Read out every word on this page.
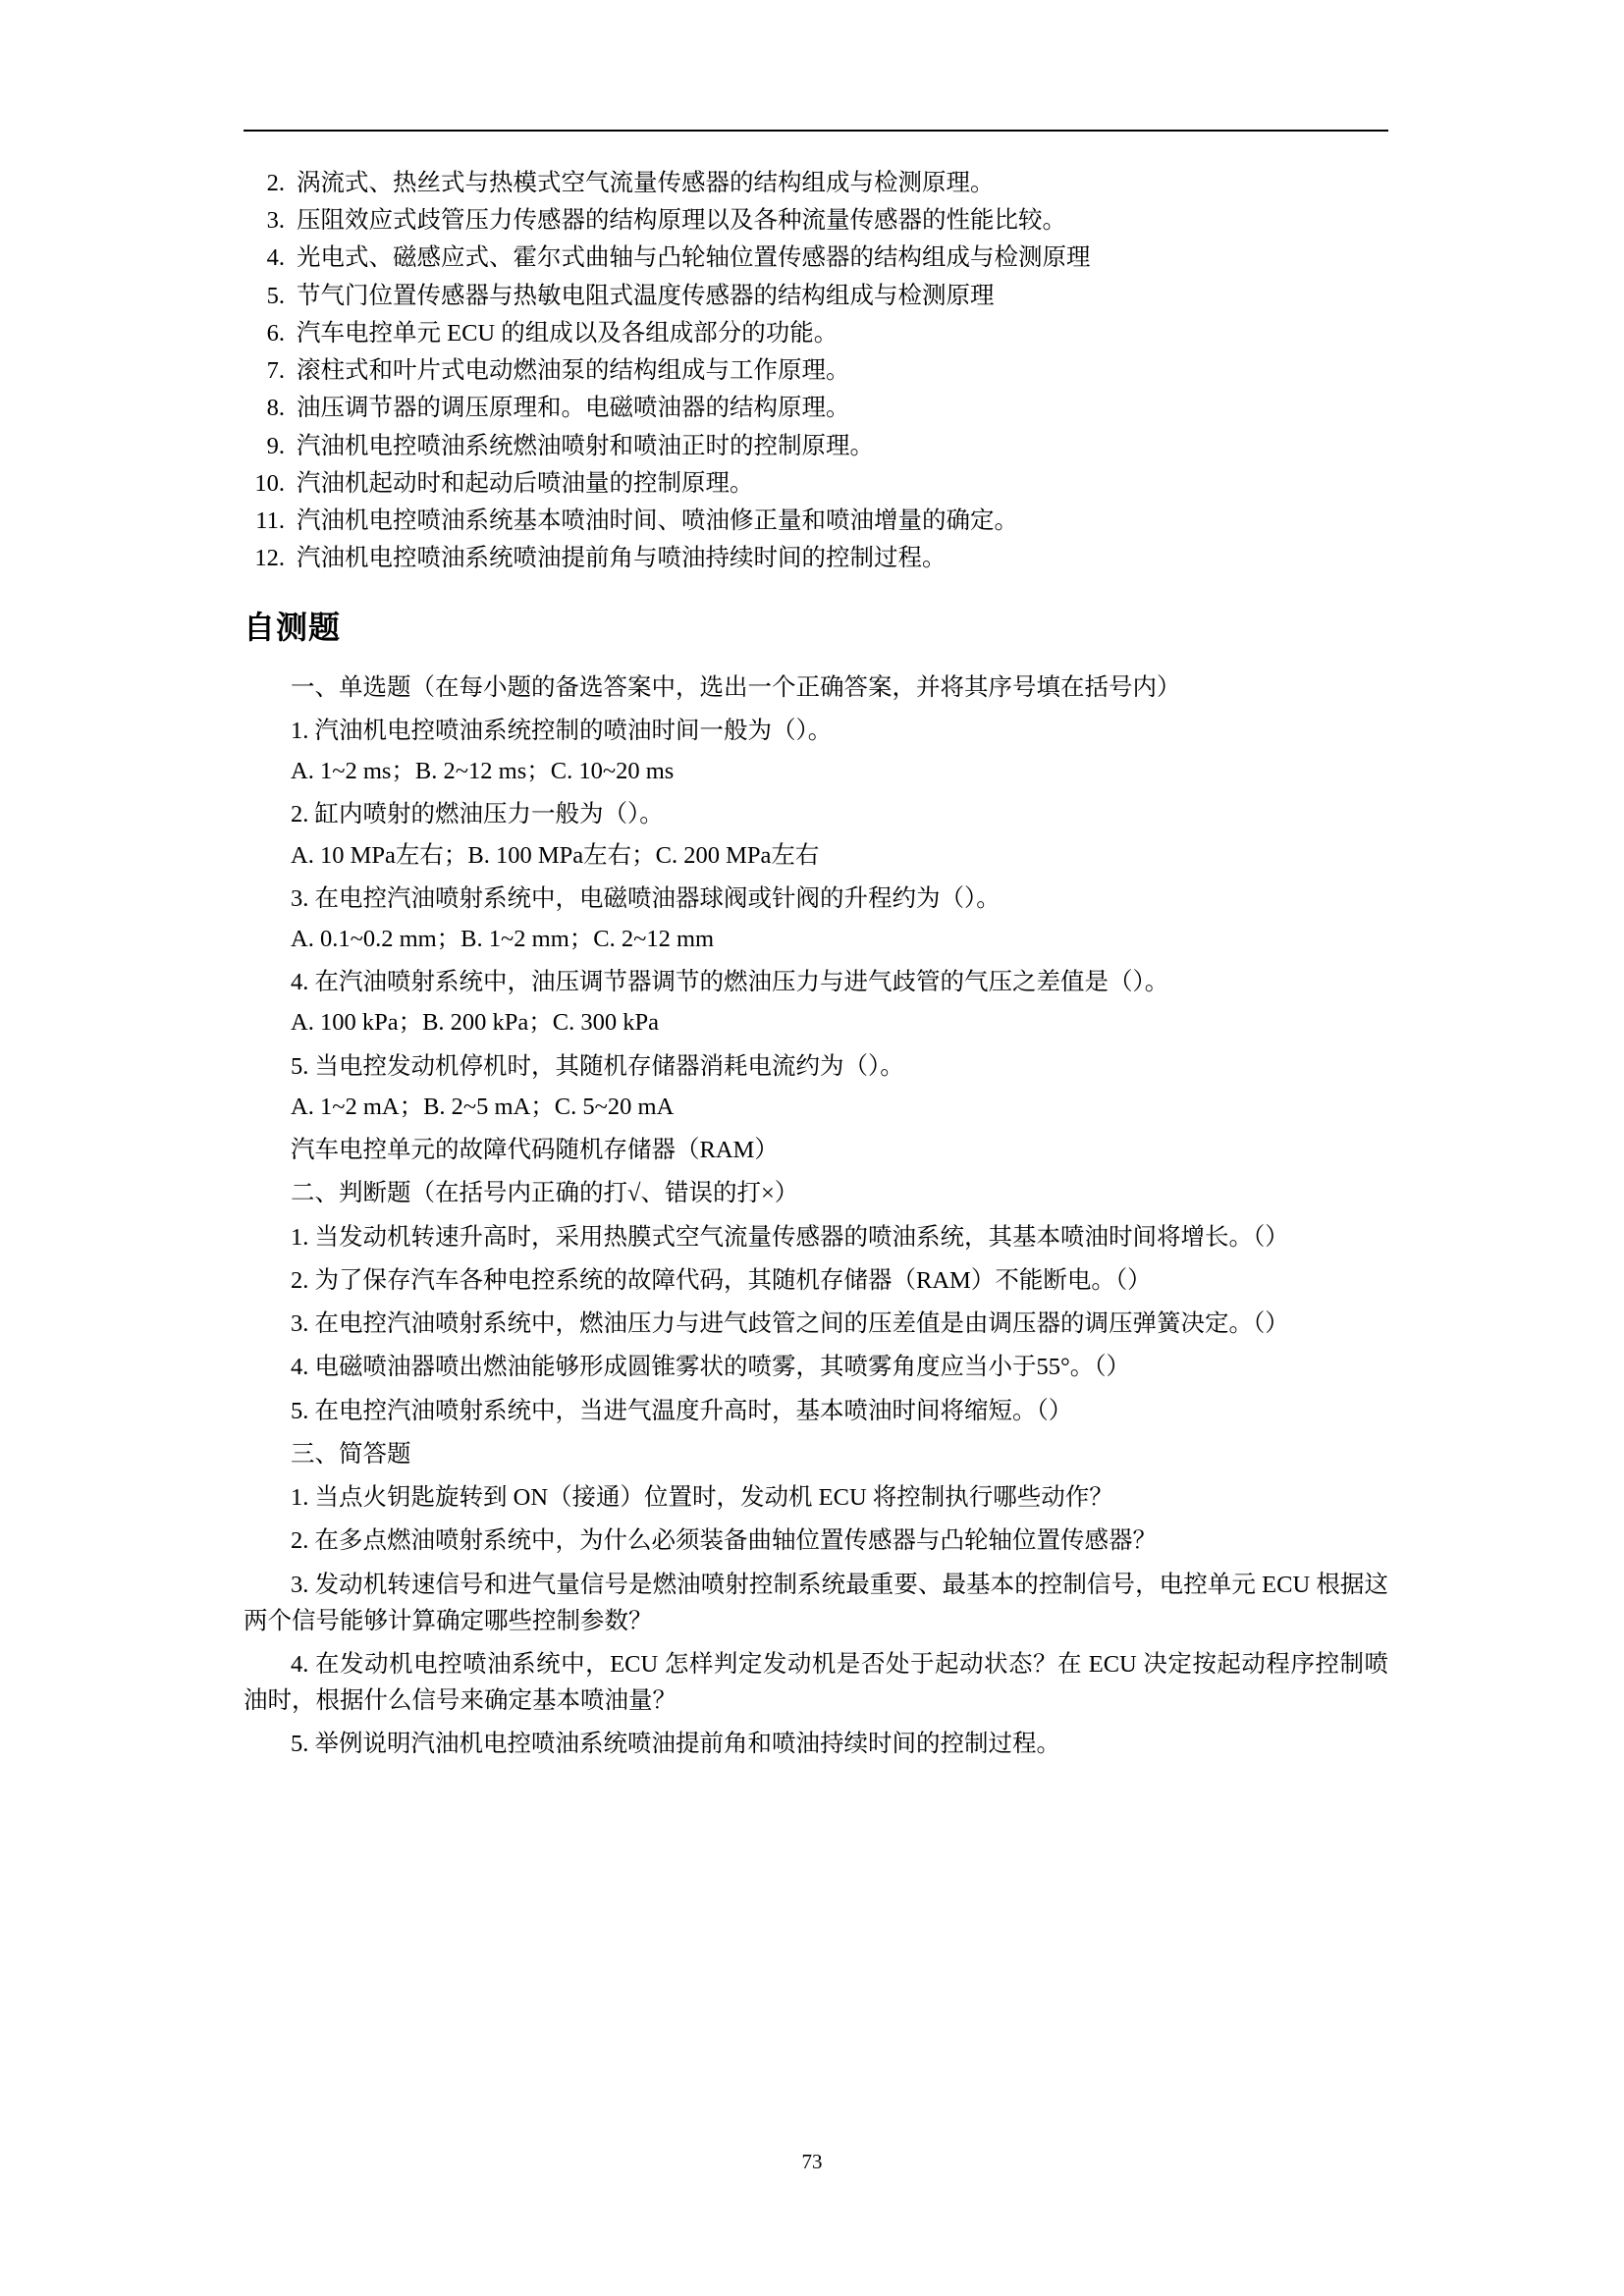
2. 涡流式、热丝式与热模式空气流量传感器的结构组成与检测原理。
3. 压阻效应式歧管压力传感器的结构原理以及各种流量传感器的性能比较。
4. 光电式、磁感应式、霍尔式曲轴与凸轮轴位置传感器的结构组成与检测原理
5. 节气门位置传感器与热敏电阻式温度传感器的结构组成与检测原理
6. 汽车电控单元 ECU 的组成以及各组成部分的功能。
7. 滚柱式和叶片式电动燃油泵的结构组成与工作原理。
8. 油压调节器的调压原理和。电磁喷油器的结构原理。
9. 汽油机电控喷油系统燃油喷射和喷油正时的控制原理。
10. 汽油机起动时和起动后喷油量的控制原理。
11. 汽油机电控喷油系统基本喷油时间、喷油修正量和喷油增量的确定。
12. 汽油机电控喷油系统喷油提前角与喷油持续时间的控制过程。
自测题

一、单选题（在每小题的备选答案中，选出一个正确答案，并将其序号填在括号内）

1. 汽油机电控喷油系统控制的喷油时间一般为（）。

A. 1~2 ms；B. 2~12 ms；C. 10~20 ms

2. 缸内喷射的燃油压力一般为（）。

A. 10 MPa左右；B. 100 MPa左右；C. 200 MPa左右

3. 在电控汽油喷射系统中，电磁喷油器球阀或针阀的升程约为（）。

A. 0.1~0.2 mm；B. 1~2 mm；C. 2~12 mm

4. 在汽油喷射系统中，油压调节器调节的燃油压力与进气歧管的气压之差值是（）。

A. 100 kPa；B. 200 kPa；C. 300 kPa

5. 当电控发动机停机时，其随机存储器消耗电流约为（）。

A. 1~2 mA；B. 2~5 mA；C. 5~20 mA

汽车电控单元的故障代码随机存储器（RAM）

二、判断题（在括号内正确的打√、错误的打×）

1. 当发动机转速升高时，采用热膜式空气流量传感器的喷油系统，其基本喷油时间将增长。（）

2. 为了保存汽车各种电控系统的故障代码，其随机存储器（RAM）不能断电。（）

3. 在电控汽油喷射系统中，燃油压力与进气歧管之间的压差值是由调压器的调压弹簧决定。（）

4. 电磁喷油器喷出燃油能够形成圆锥雾状的喷雾，其喷雾角度应当小于55°。（）

5. 在电控汽油喷射系统中，当进气温度升高时，基本喷油时间将缩短。（）

三、简答题

1. 当点火钥匙旋转到 ON（接通）位置时，发动机 ECU 将控制执行哪些动作？

2. 在多点燃油喷射系统中，为什么必须装备曲轴位置传感器与凸轮轴位置传感器？

3. 发动机转速信号和进气量信号是燃油喷射控制系统最重要、最基本的控制信号，电控单元 ECU 根据这两个信号能够计算确定哪些控制参数？

4. 在发动机电控喷油系统中，ECU 怎样判定发动机是否处于起动状态？在 ECU 决定按起动程序控制喷油时，根据什么信号来确定基本喷油量？

5. 举例说明汽油机电控喷油系统喷油提前角和喷油持续时间的控制过程。

73
